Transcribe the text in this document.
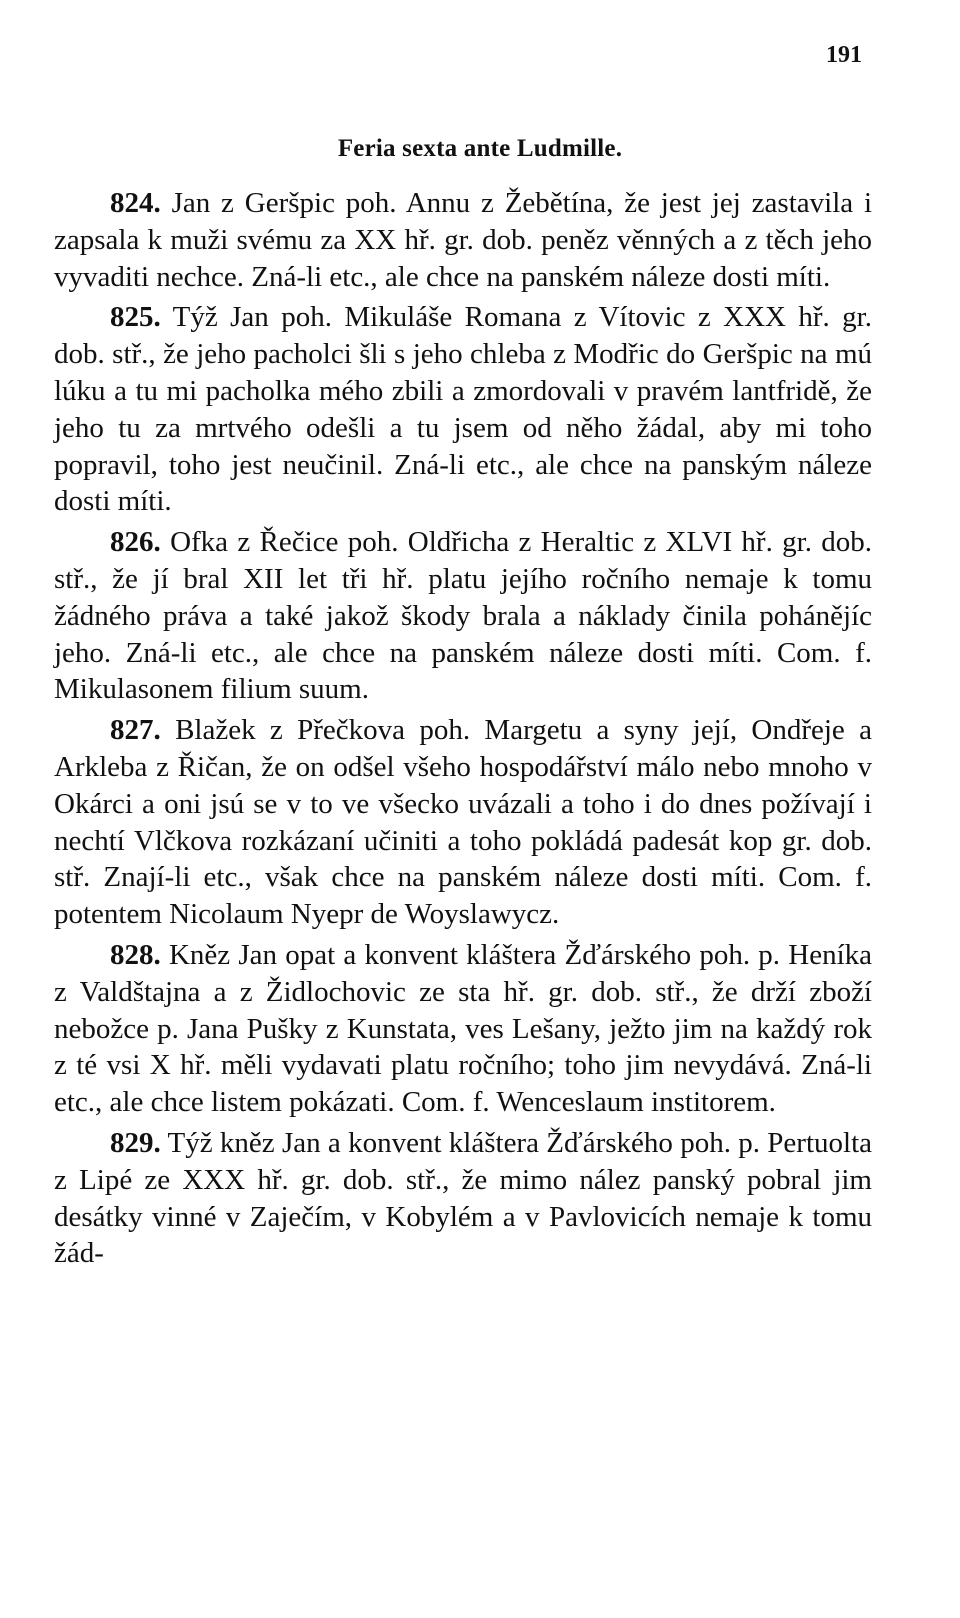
191
Feria sexta ante Ludmille.

824. Jan z Geršpic poh. Annu z Žebětína, že jest jej zastavila i zapsala k muži svému za XX hř. gr. dob. peněz věnných a z těch jeho vyvaditi nechce. Zná-li etc., ale chce na panském náleze dosti míti.

825. Týž Jan poh. Mikuláše Romana z Vítovic z XXX hř. gr. dob. stř., že jeho pacholci šli s jeho chleba z Modřic do Geršpic na mú lúku a tu mi pacholka mého zbili a zmordovali v pravém lantfridě, že jeho tu za mrtvého odešli a tu jsem od něho žádal, aby mi toho popravil, toho jest neučinil. Zná-li etc., ale chce na panským náleze dosti míti.

826. Ofka z Řečice poh. Oldřicha z Heraltic z XLVI hř. gr. dob. stř., že jí bral XII let tři hř. platu jejího ročního nemaje k tomu žádného práva a také jakož škody brala a náklady činila pohánějíc jeho. Zná-li etc., ale chce na panském náleze dosti míti. Com. f. Mikulasonem filium suum.

827. Blažek z Přečkova poh. Margetu a syny její, Ondřeje a Arkleba z Řičan, že on odšel všeho hospodářství málo nebo mnoho v Okárci a oni jsú se v to ve všecko uvázali a toho i do dnes požívají i nechtí Vlčkova rozkázaní učiniti a toho pokládá padesát kop gr. dob. stř. Znají-li etc., však chce na panském náleze dosti míti. Com. f. potentem Nicolaum Nyepr de Woyslawycz.

828. Kněz Jan opat a konvent kláštera Žďárského poh. p. Heníka z Valdštajna a z Židlochovic ze sta hř. gr. dob. stř., že drží zboží nebožce p. Jana Pušky z Kunstata, ves Lešany, ježto jim na každý rok z té vsi X hř. měli vydavati platu ročního; toho jim nevydává. Zná-li etc., ale chce listem pokázati. Com. f. Wenceslaum institorem.

829. Týž kněz Jan a konvent kláštera Žďárského poh. p. Pertuolta z Lipé ze XXX hř. gr. dob. stř., že mimo nález panský pobral jim desátky vinné v Zaječím, v Kobylém a v Pavlovicích nemaje k tomu žád-
